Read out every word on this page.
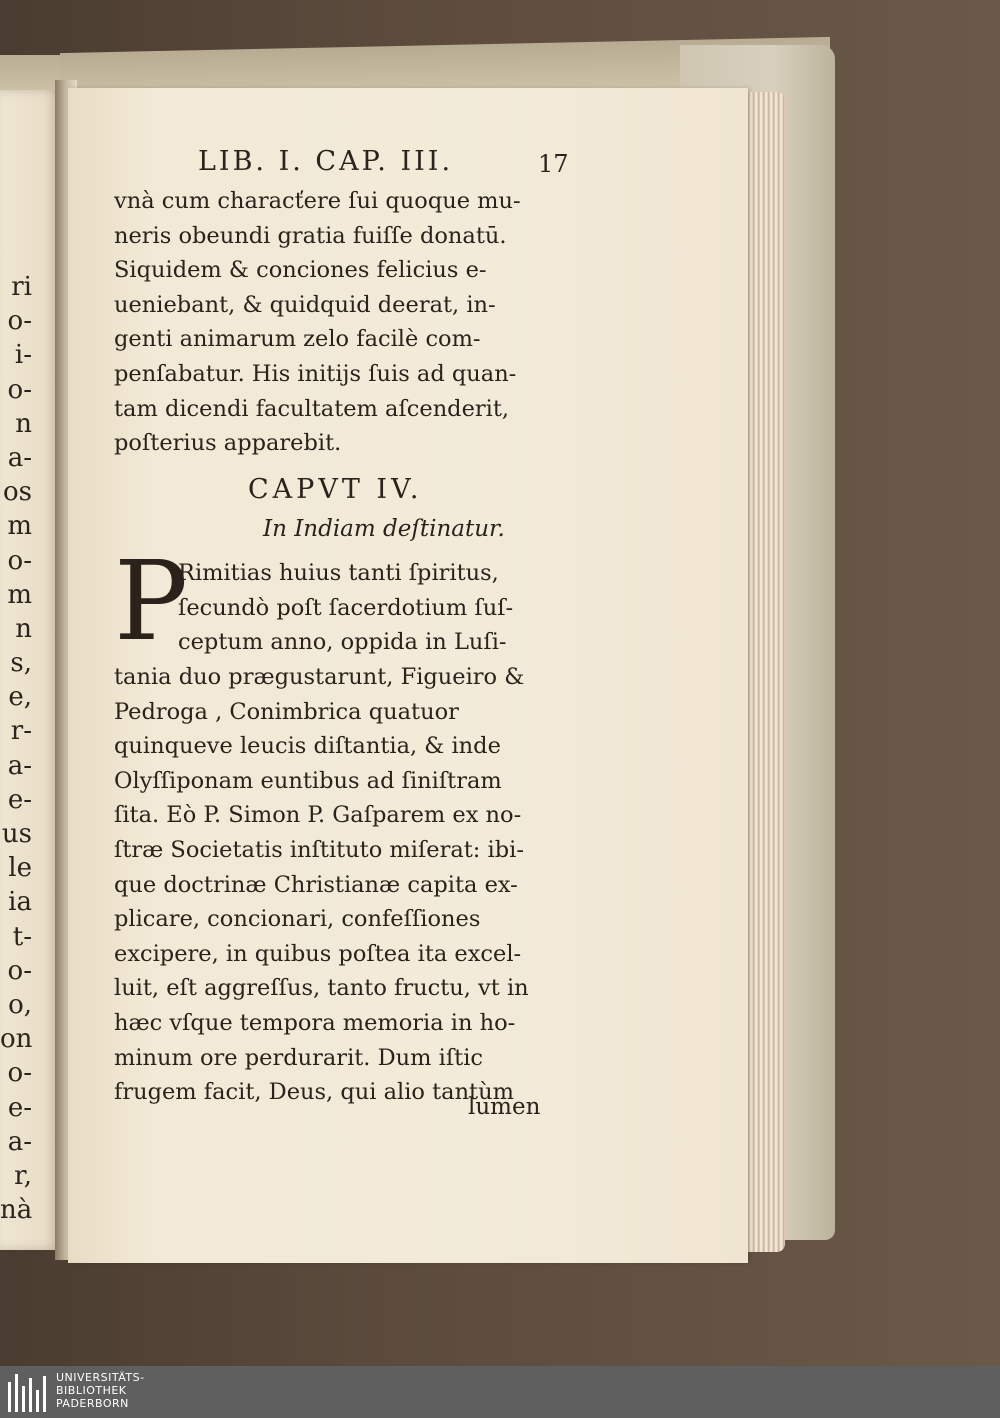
ri
o-
i-
o-
n
a-
os
m
o-
m
n
s,
e,
r-
a-
e-
us
le
ia
t-
o-
o,
on
o-
e-
a-
r,
nà
LIB. I. CAP. III.	17
vnà cum characťere ſui quoque mu-
neris obeundi gratia fuiſſe donatū.
Siquidem & conciones felicius e-
ueniebant, & quidquid deerat, in-
genti animarum zelo facilè com-
penſabatur. His initijs ſuis ad quan-
tam dicendi facultatem aſcenderit,
poſterius apparebit.
CAPVT IV.
In Indiam deſtinatur.
P
Rimitias huius tanti ſpiritus,
ſecundò poſt ſacerdotium ſuſ-
ceptum anno, oppida in Luſi-
tania duo prægustarunt, Figueiro &
Pedroga , Conimbrica quatuor
quinqueve leucis diſtantia, & inde
Olyſſiponam euntibus ad ſiniſtram
ſita. Eò P. Simon P. Gaſparem ex no-
ſtræ Societatis inſtituto miſerat: ibi-
que doctrinæ Christianæ capita ex-
plicare, concionari, confeſſiones
excipere, in quibus poſtea ita excel-
luit, eſt aggreſſus, tanto fructu, vt in
hæc vſque tempora memoria in ho-
minum ore perdurarit. Dum iſtic
frugem facit, Deus, qui alio tantùm
lumen
UNIVERSITÄTS-
BIBLIOTHEK
PADERBORN
